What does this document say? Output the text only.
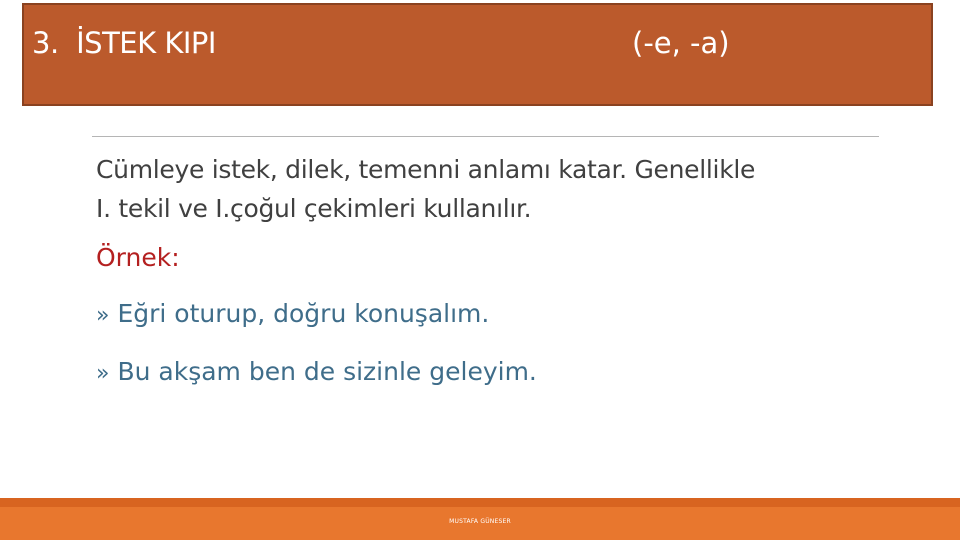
3.  İSTEK KIPI	(-e, -a)

Cümleye istek, dilek, temenni anlamı katar. Genellikle

I. tekil ve I.çoğul çekimleri kullanılır.

Örnek:

» Eğri oturup, doğru konuşalım.

» Bu akşam ben de sizinle geleyim.

MUSTAFA GÜNESER
